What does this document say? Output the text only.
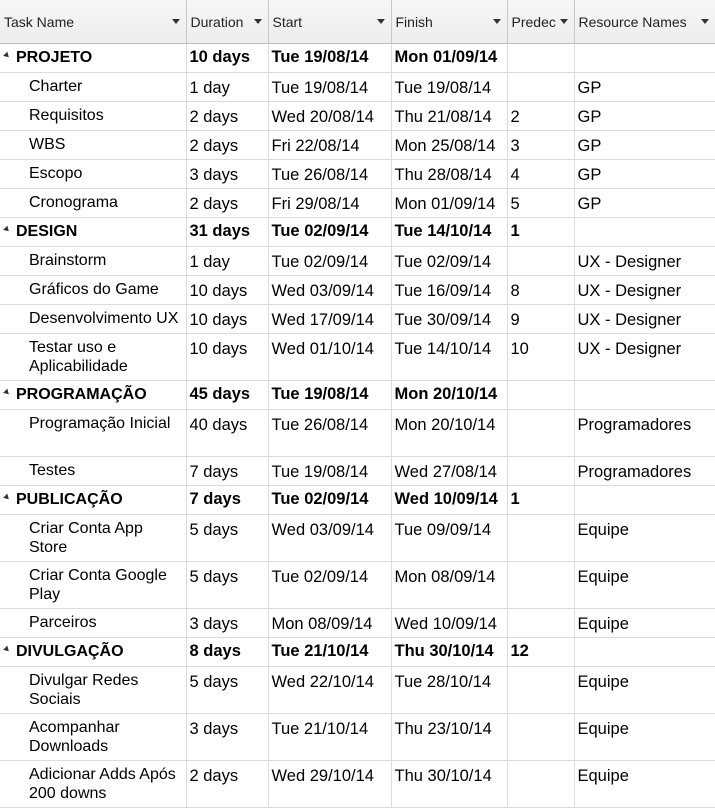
Task Name	Duration	Start	Finish	Predec	Resource Names

PROJETO	10 days	Tue 19/08/14	Mon 01/09/14		

Charter	1 day	Tue 19/08/14	Tue 19/08/14		GP

Requisitos	2 days	Wed 20/08/14	Thu 21/08/14	2	GP

WBS	2 days	Fri 22/08/14	Mon 25/08/14	3	GP

Escopo	3 days	Tue 26/08/14	Thu 28/08/14	4	GP

Cronograma	2 days	Fri 29/08/14	Mon 01/09/14	5	GP

DESIGN	31 days	Tue 02/09/14	Tue 14/10/14	1	

Brainstorm	1 day	Tue 02/09/14	Tue 02/09/14		UX - Designer

Gráficos do Game	10 days	Wed 03/09/14	Tue 16/09/14	8	UX - Designer

Desenvolvimento UX	10 days	Wed 17/09/14	Tue 30/09/14	9	UX - Designer

Testar uso e Aplicabilidade	10 days	Wed 01/10/14	Tue 14/10/14	10	UX - Designer

PROGRAMAÇÃO	45 days	Tue 19/08/14	Mon 20/10/14		

Programação Inicial	40 days	Tue 26/08/14	Mon 20/10/14		Programadores

Testes	7 days	Tue 19/08/14	Wed 27/08/14		Programadores

PUBLICAÇÃO	7 days	Tue 02/09/14	Wed 10/09/14	1	

Criar Conta App Store	5 days	Wed 03/09/14	Tue 09/09/14		Equipe

Criar Conta Google Play	5 days	Tue 02/09/14	Mon 08/09/14		Equipe

Parceiros	3 days	Mon 08/09/14	Wed 10/09/14		Equipe

DIVULGAÇÃO	8 days	Tue 21/10/14	Thu 30/10/14	12	

Divulgar Redes Sociais	5 days	Wed 22/10/14	Tue 28/10/14		Equipe

Acompanhar Downloads	3 days	Tue 21/10/14	Thu 23/10/14		Equipe

Adicionar Adds Após 200 downs	2 days	Wed 29/10/14	Thu 30/10/14		Equipe
